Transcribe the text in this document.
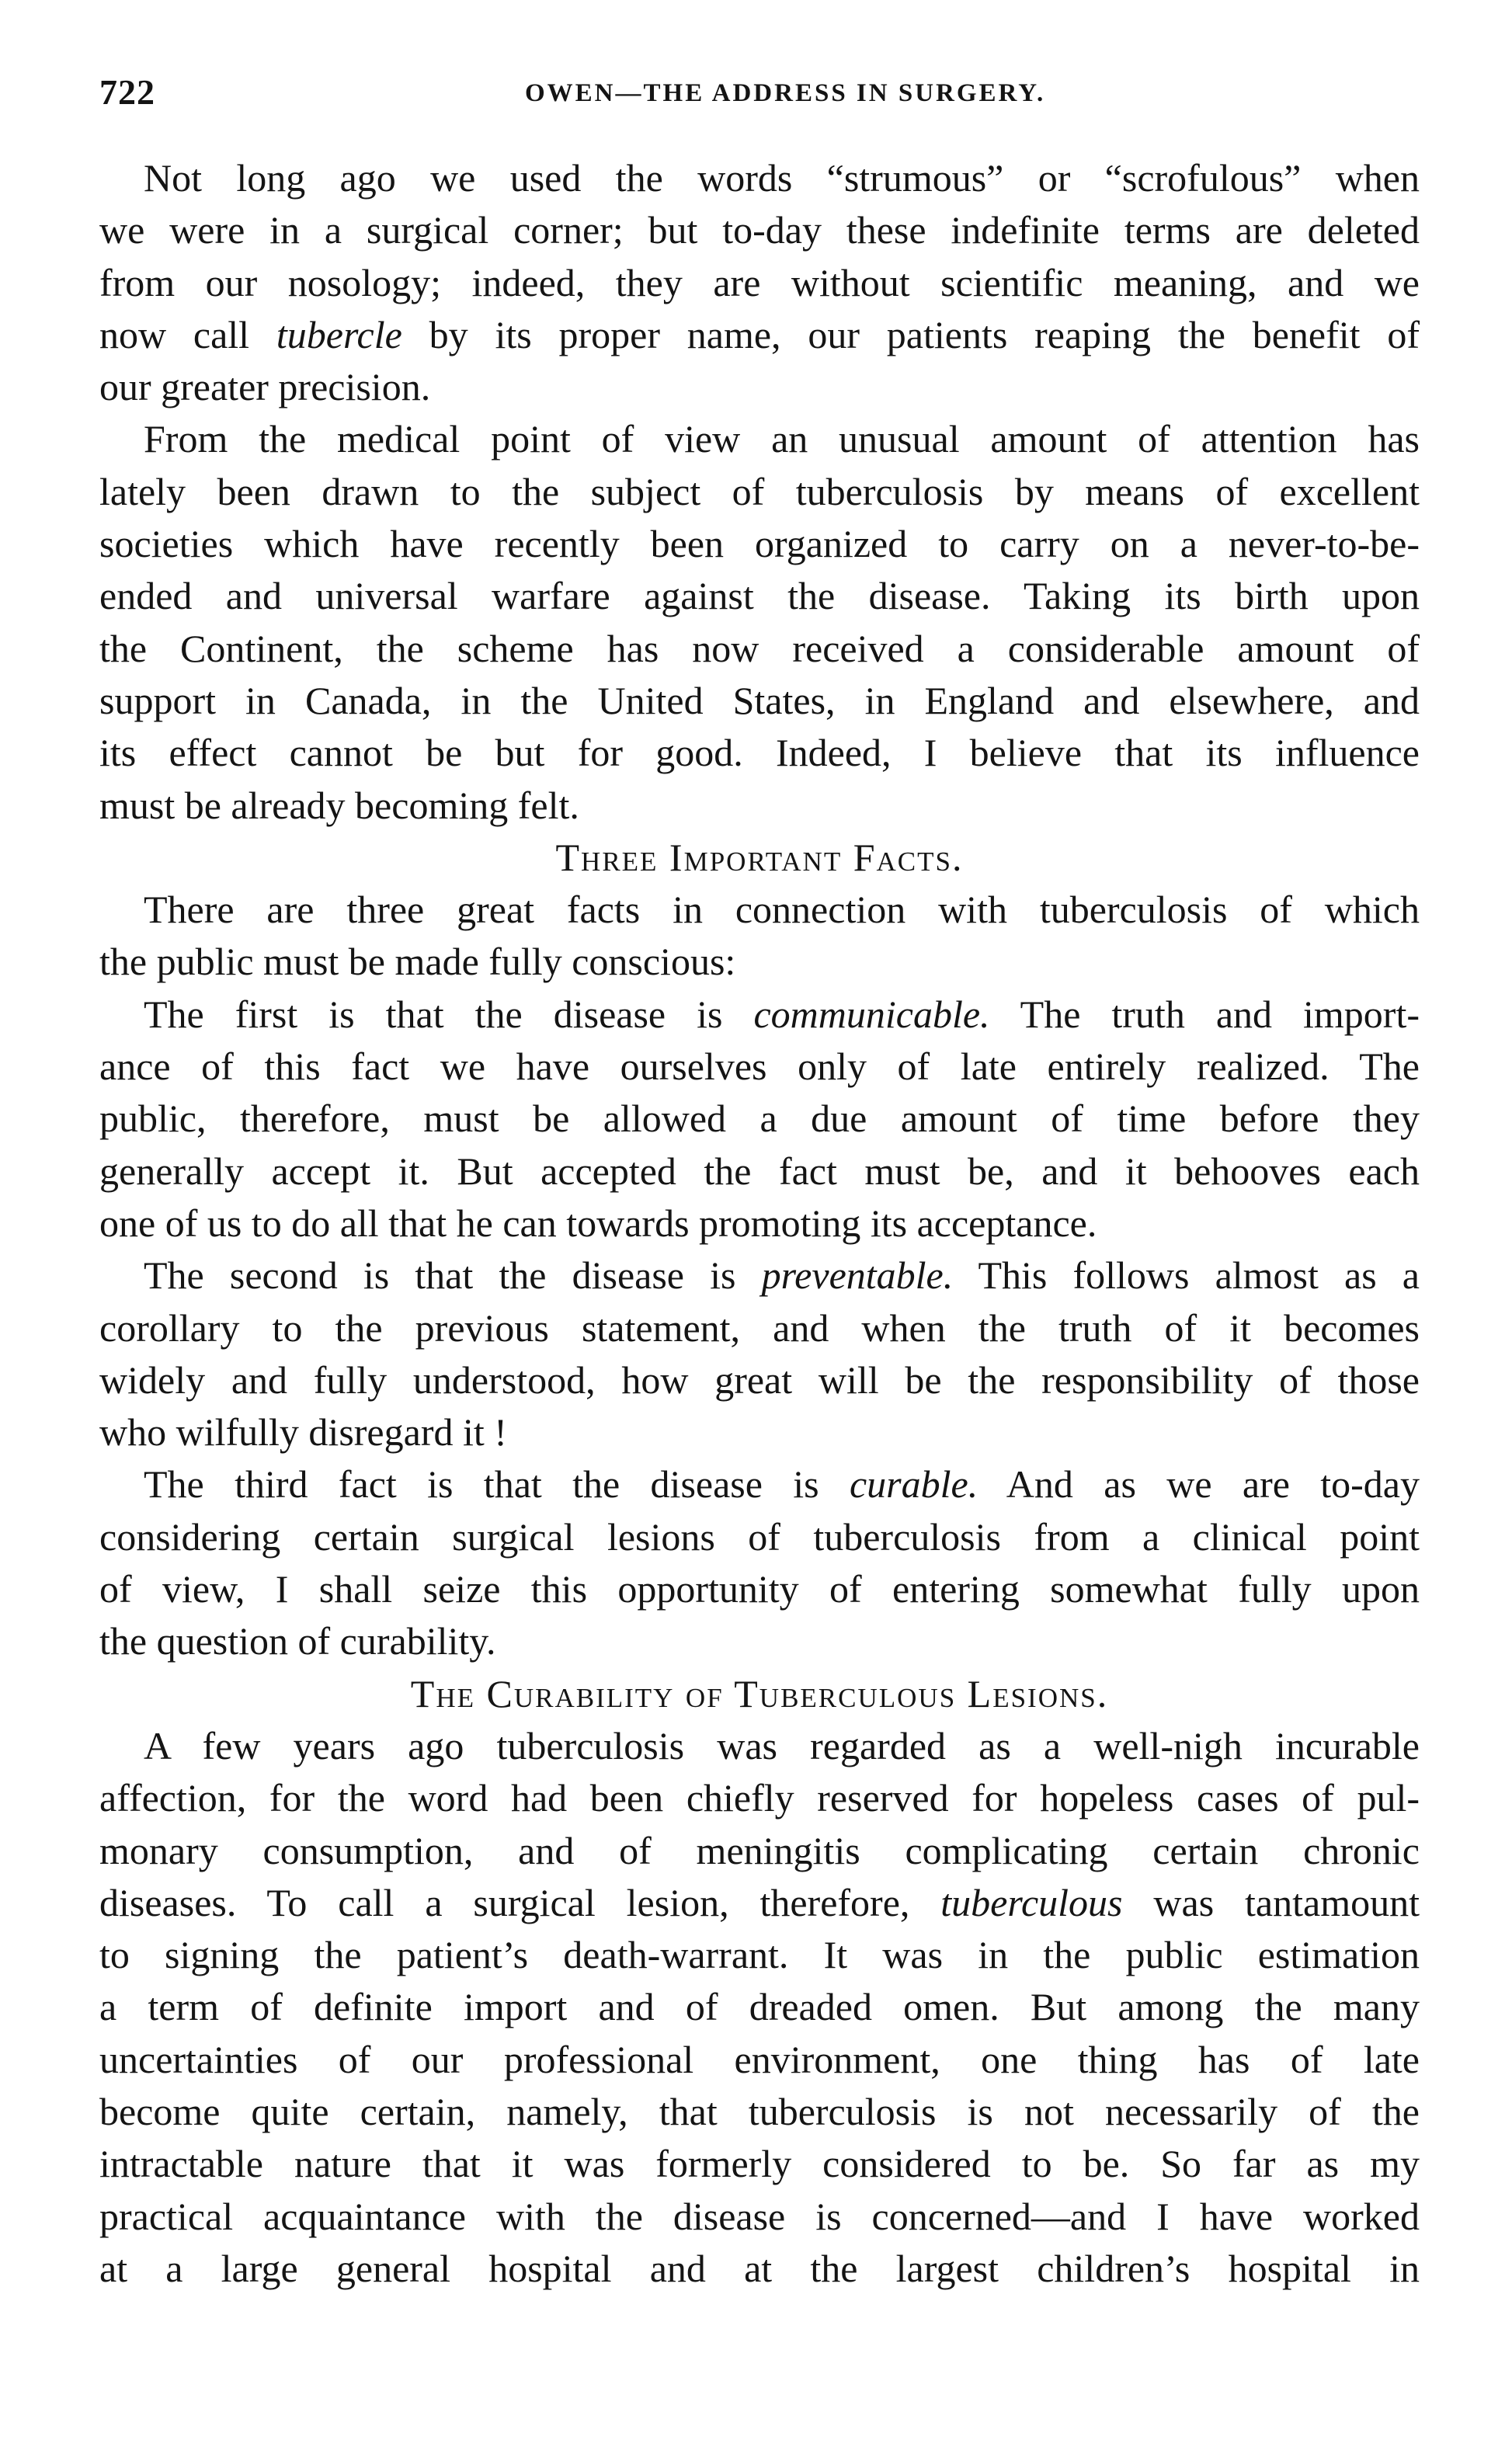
722	OWEN—THE ADDRESS IN SURGERY.
Not long ago we used the words “strumous” or “scrofulous” when
we were in a surgical corner; but to-day these indefinite terms are deleted
from our nosology; indeed, they are without scientific meaning, and we
now call tubercle by its proper name, our patients reaping the benefit of
our greater precision.
From the medical point of view an unusual amount of attention has
lately been drawn to the subject of tuberculosis by means of excellent
societies which have recently been organized to carry on a never-to-be-
ended and universal warfare against the disease. Taking its birth upon
the Continent, the scheme has now received a considerable amount of
support in Canada, in the United States, in England and elsewhere, and
its effect cannot be but for good. Indeed, I believe that its influence
must be already becoming felt.
Three Important Facts.
There are three great facts in connection with tuberculosis of which
the public must be made fully conscious:
The first is that the disease is communicable. The truth and import-
ance of this fact we have ourselves only of late entirely realized. The
public, therefore, must be allowed a due amount of time before they
generally accept it. But accepted the fact must be, and it behooves each
one of us to do all that he can towards promoting its acceptance.
The second is that the disease is preventable. This follows almost as a
corollary to the previous statement, and when the truth of it becomes
widely and fully understood, how great will be the responsibility of those
who wilfully disregard it !
The third fact is that the disease is curable. And as we are to-day
considering certain surgical lesions of tuberculosis from a clinical point
of view, I shall seize this opportunity of entering somewhat fully upon
the question of curability.
The Curability of Tuberculous Lesions.
A few years ago tuberculosis was regarded as a well-nigh incurable
affection, for the word had been chiefly reserved for hopeless cases of pul-
monary consumption, and of meningitis complicating certain chronic
diseases. To call a surgical lesion, therefore, tuberculous was tantamount
to signing the patient’s death-warrant. It was in the public estimation
a term of definite import and of dreaded omen. But among the many
uncertainties of our professional environment, one thing has of late
become quite certain, namely, that tuberculosis is not necessarily of the
intractable nature that it was formerly considered to be. So far as my
practical acquaintance with the disease is concerned—and I have worked
at a large general hospital and at the largest children’s hospital in
